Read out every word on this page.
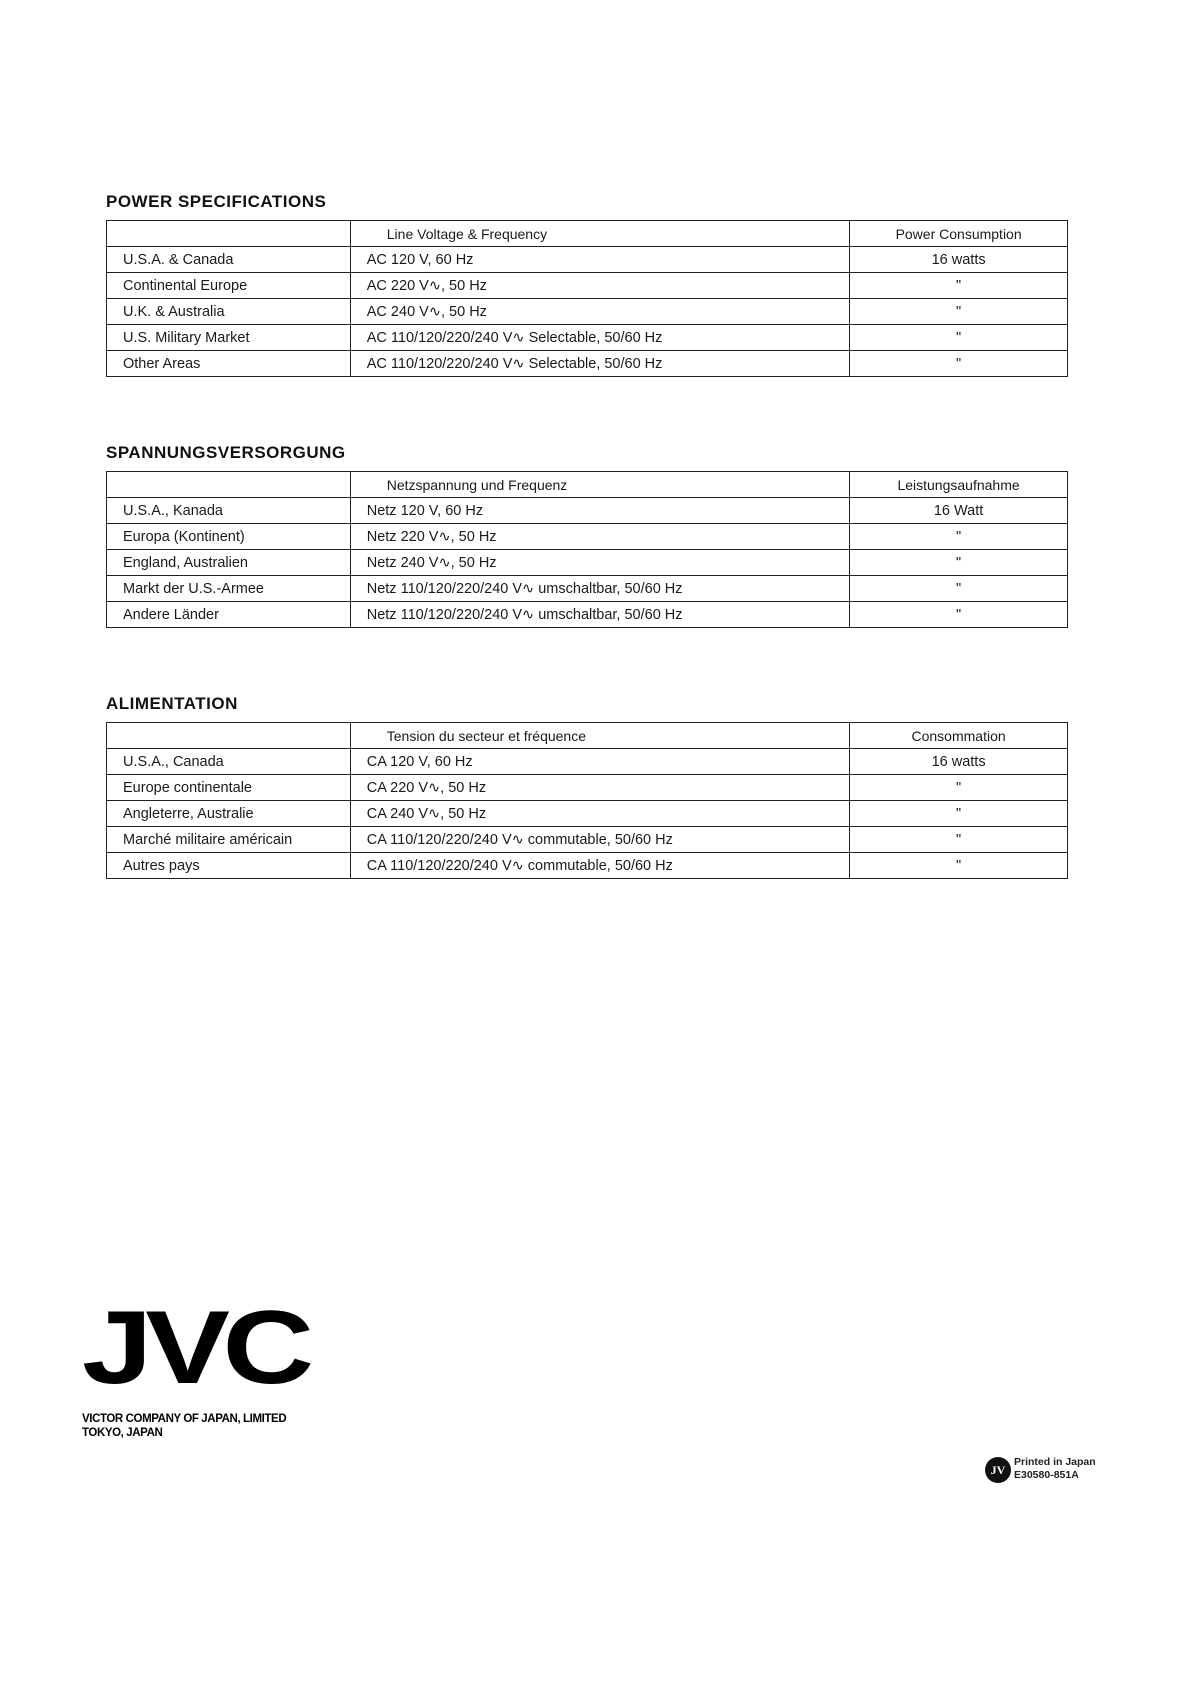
POWER SPECIFICATIONS
	Line Voltage & Frequency	Power Consumption
U.S.A. & Canada	AC 120 V, 60 Hz	16 watts
Continental Europe	AC 220 V∿, 50 Hz	"
U.K. & Australia	AC 240 V∿, 50 Hz	"
U.S. Military Market	AC 110/120/220/240 V∿ Selectable, 50/60 Hz	"
Other Areas	AC 110/120/220/240 V∿ Selectable, 50/60 Hz	"
SPANNUNGSVERSORGUNG
	Netzspannung und Frequenz	Leistungsaufnahme
U.S.A., Kanada	Netz 120 V, 60 Hz	16 Watt
Europa (Kontinent)	Netz 220 V∿, 50 Hz	"
England, Australien	Netz 240 V∿, 50 Hz	"
Markt der U.S.-Armee	Netz 110/120/220/240 V∿ umschaltbar, 50/60 Hz	"
Andere Länder	Netz 110/120/220/240 V∿ umschaltbar, 50/60 Hz	"
ALIMENTATION
	Tension du secteur et fréquence	Consommation
U.S.A., Canada	CA 120 V, 60 Hz	16 watts
Europe continentale	CA 220 V∿, 50 Hz	"
Angleterre, Australie	CA 240 V∿, 50 Hz	"
Marché militaire américain	CA 110/120/220/240 V∿ commutable, 50/60 Hz	"
Autres pays	CA 110/120/220/240 V∿ commutable, 50/60 Hz	"
JVC
VICTOR COMPANY OF JAPAN, LIMITED
TOKYO, JAPAN
JV
Printed in Japan
E30580-851A
